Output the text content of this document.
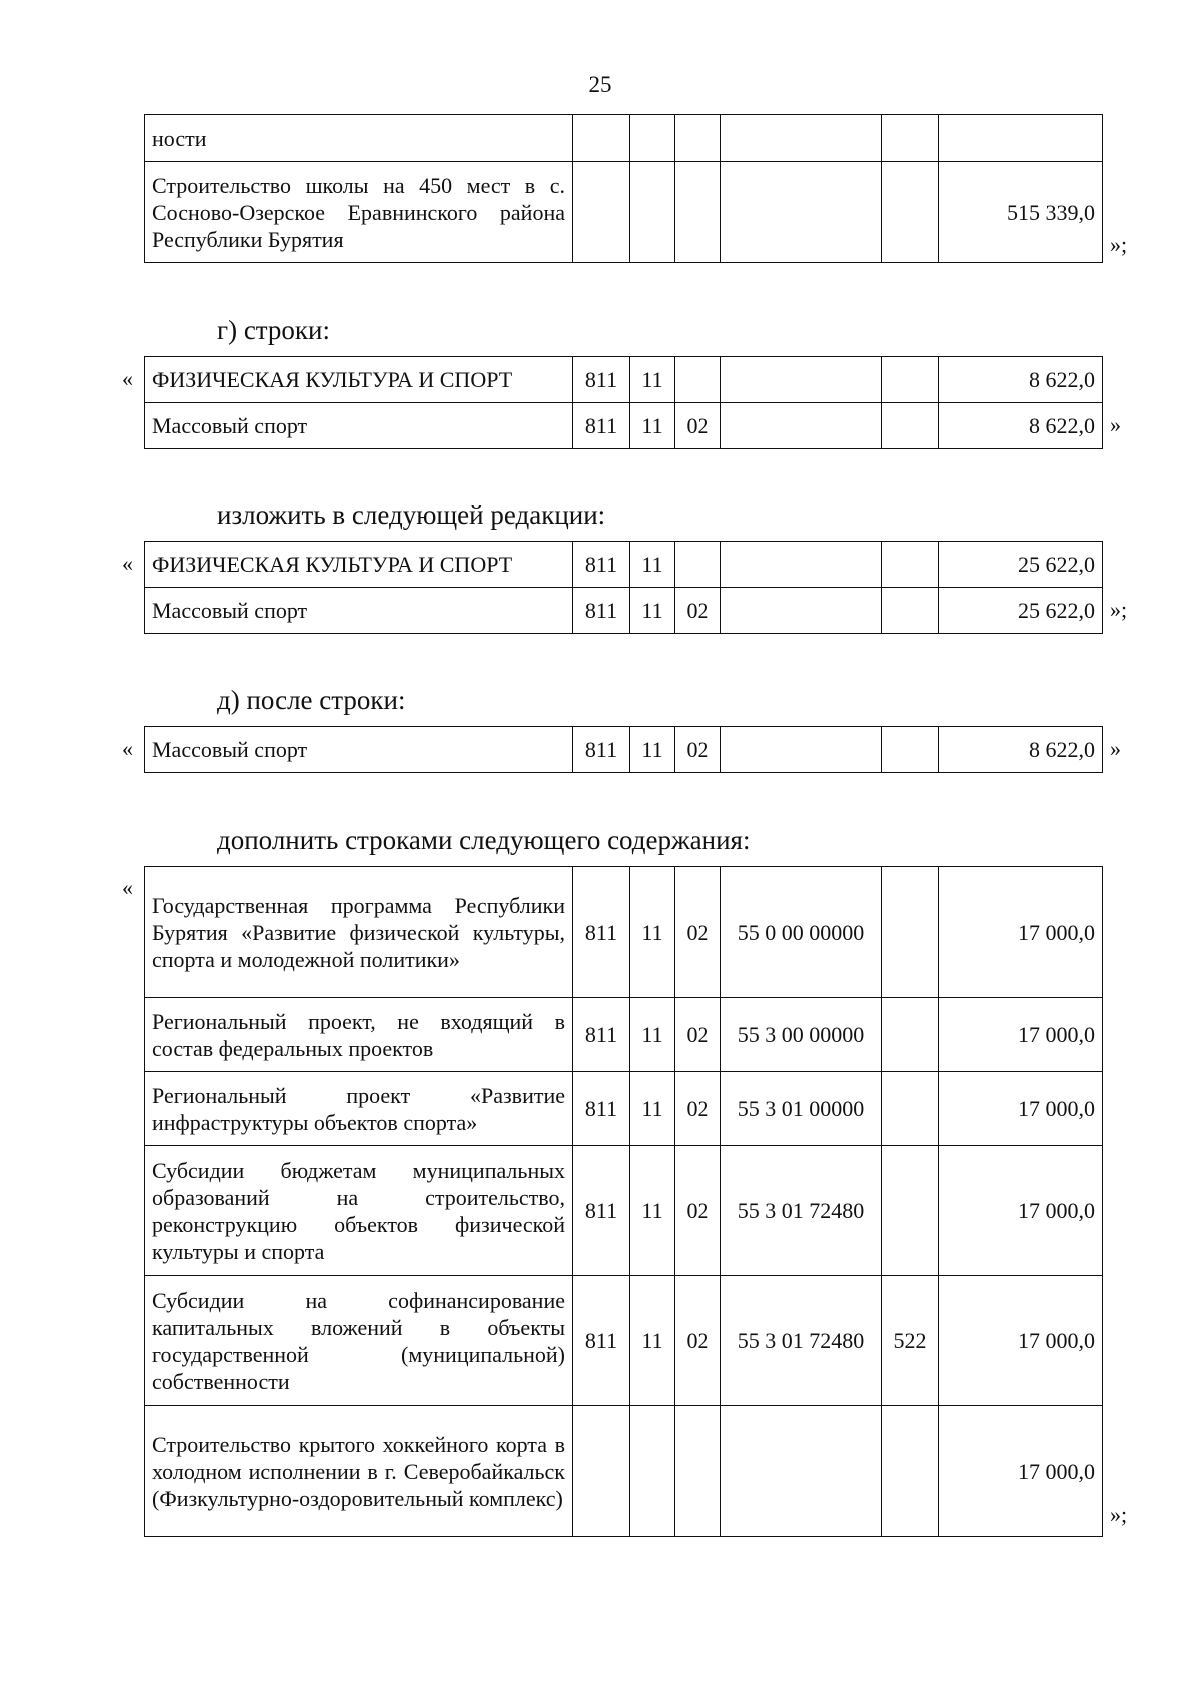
25
ности						
Строительство школы на 450 мест в с. Сосново-Озерское Еравнинского района Республики Бурятия						515 339,0
»;
г) строки:
« ФИЗИЧЕСКАЯ КУЛЬТУРА И СПОРТ	811	11				8 622,0
Массовый спорт	811	11	02			8 622,0 »
изложить в следующей редакции:
« ФИЗИЧЕСКАЯ КУЛЬТУРА И СПОРТ	811	11				25 622,0
Массовый спорт	811	11	02			25 622,0 »;
д) после строки:
« Массовый спорт	811	11	02			8 622,0 »
дополнить строками следующего содержания:
«
Государственная программа Республики Бурятия «Развитие физической культуры, спорта и молодежной политики»	811	11	02	55 0 00 00000		17 000,0
Региональный проект, не входящий в состав федеральных проектов	811	11	02	55 3 00 00000		17 000,0
Региональный проект «Развитие инфраструктуры объектов спорта»	811	11	02	55 3 01 00000		17 000,0
Субсидии бюджетам муниципальных образований на строительство, реконструкцию объектов физической культуры и спорта	811	11	02	55 3 01 72480		17 000,0
Субсидии на софинансирование капитальных вложений в объекты государственной (муниципальной) собственности	811	11	02	55 3 01 72480	522	17 000,0
Строительство крытого хоккейного корта в холодном исполнении в г. Северобайкальск (Физкультурно-оздоровительный комплекс)						17 000,0
»;
